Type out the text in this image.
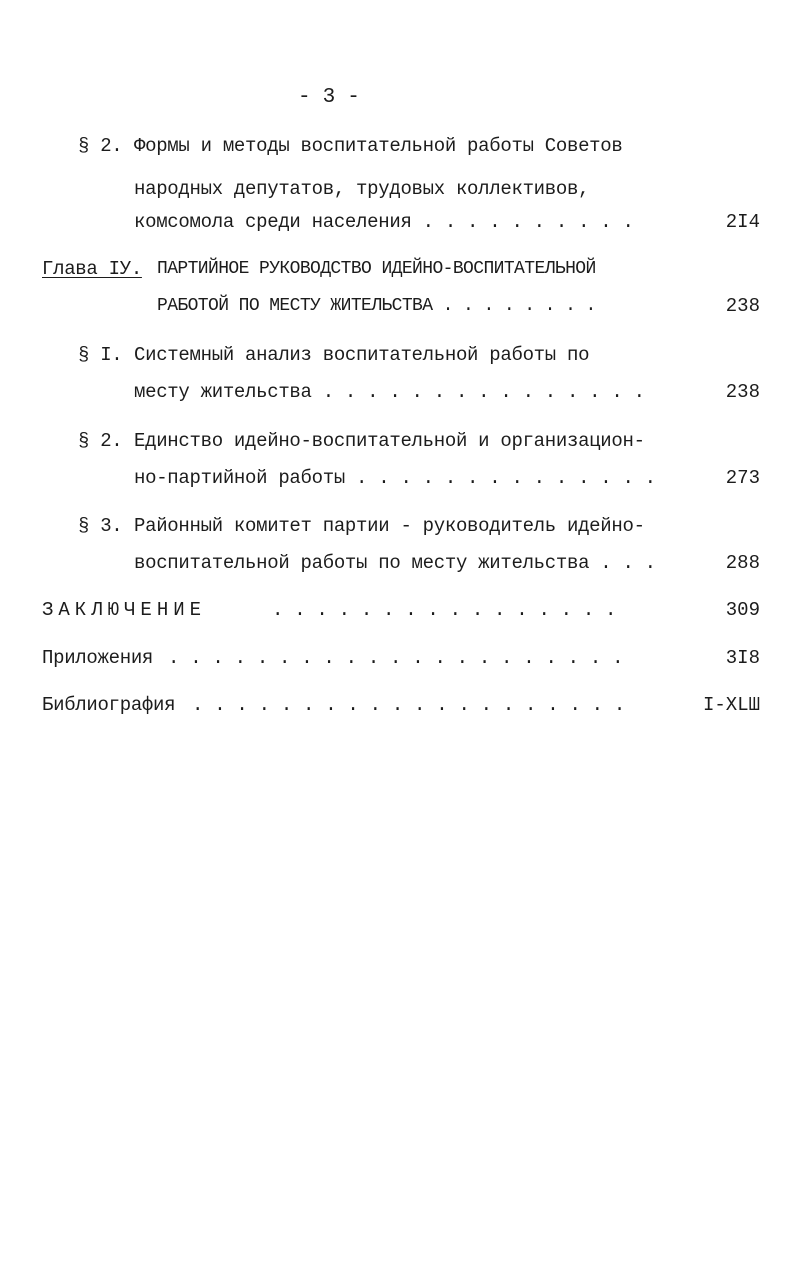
- 3 -
§ 2. Формы и методы воспитательной работы Советов
народных депутатов, трудовых коллективов,
комсомола среди населения . . . . . . . . . .	2I4
Глава IУ. ПАРТИЙНОЕ РУКОВОДСТВО ИДЕЙНО-ВОСПИТАТЕЛЬНОЙ
РАБОТОЙ ПО МЕСТУ ЖИТЕЛЬСТВА . . . . . . . .	238
§ I. Системный анализ воспитательной работы по
месту жительства . . . . . . . . . . . . . . .	238
§ 2. Единство идейно-воспитательной и организацион-
но-партийной работы . . . . . . . . . . . . . .	273
§ 3. Районный комитет партии - руководитель идейно-
воспитательной работы по месту жительства . . .	288
ЗАКЛЮЧЕНИЕ	. . . . . . . . . . . . . . . .	309
Приложения . . . . . . . . . . . . . . . . . . . . .	3I8
Библиография . . . . . . . . . . . . . . . . . . . .	I-XLШ
